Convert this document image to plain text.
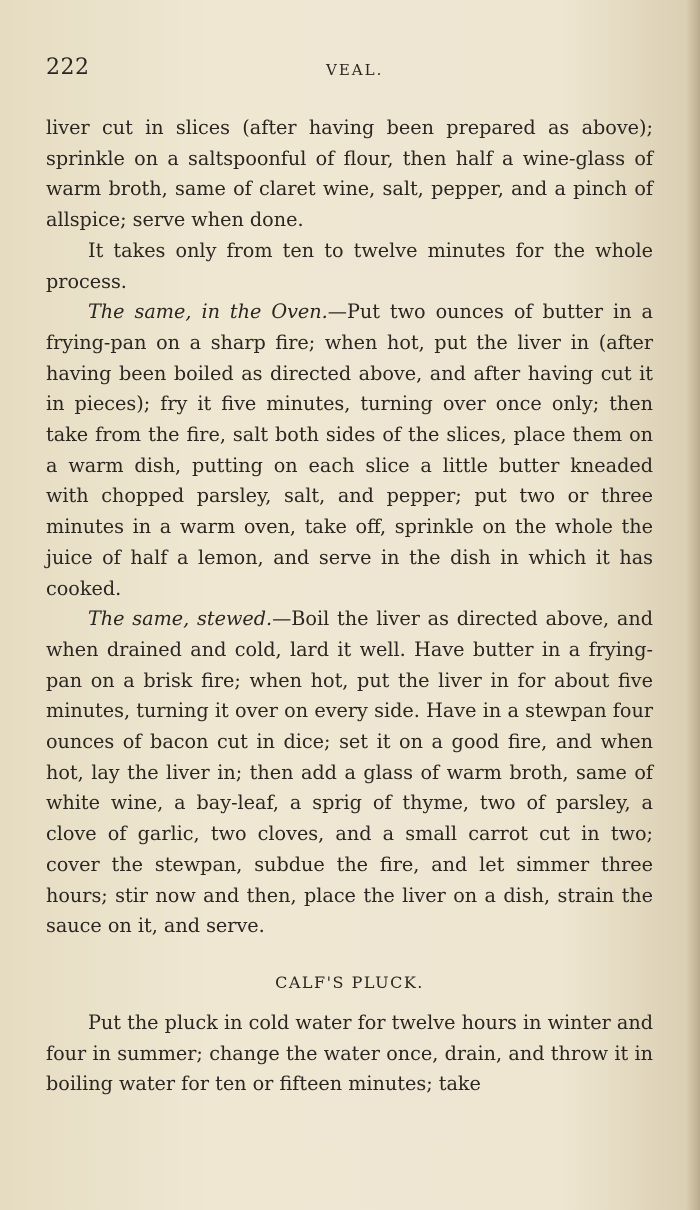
222	VEAL.

liver cut in slices (after having been prepared as above); sprinkle on a saltspoonful of flour, then half a wine-glass of warm broth, same of claret wine, salt, pepper, and a pinch of allspice; serve when done.

It takes only from ten to twelve minutes for the whole process.

The same, in the Oven.—Put two ounces of butter in a frying-pan on a sharp fire; when hot, put the liver in (after having been boiled as directed above, and after having cut it in pieces); fry it five minutes, turning over once only; then take from the fire, salt both sides of the slices, place them on a warm dish, putting on each slice a little butter kneaded with chopped parsley, salt, and pepper; put two or three minutes in a warm oven, take off, sprinkle on the whole the juice of half a lemon, and serve in the dish in which it has cooked.

The same, stewed.—Boil the liver as directed above, and when drained and cold, lard it well. Have butter in a frying-pan on a brisk fire; when hot, put the liver in for about five minutes, turning it over on every side. Have in a stewpan four ounces of bacon cut in dice; set it on a good fire, and when hot, lay the liver in; then add a glass of warm broth, same of white wine, a bay-leaf, a sprig of thyme, two of parsley, a clove of garlic, two cloves, and a small carrot cut in two; cover the stewpan, subdue the fire, and let simmer three hours; stir now and then, place the liver on a dish, strain the sauce on it, and serve.

CALF'S PLUCK.

Put the pluck in cold water for twelve hours in winter and four in summer; change the water once, drain, and throw it in boiling water for ten or fifteen minutes; take
